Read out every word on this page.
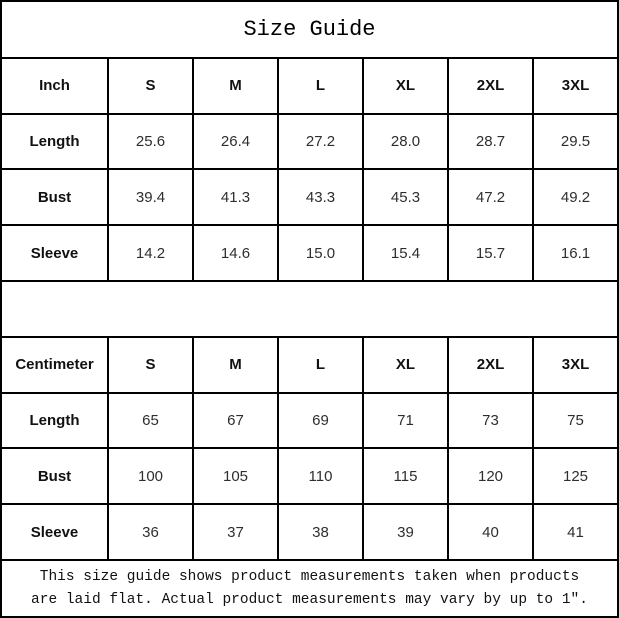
Size Guide						
Inch	S	M	L	XL	2XL	3XL
Length	25.6	26.4	27.2	28.0	28.7	29.5
Bust	39.4	41.3	43.3	45.3	47.2	49.2
Sleeve	14.2	14.6	15.0	15.4	15.7	16.1

Centimeter	S	M	L	XL	2XL	3XL
Length	65	67	69	71	73	75
Bust	100	105	110	115	120	125
Sleeve	36	37	38	39	40	41

This size guide shows product measurements taken when products
are laid flat. Actual product measurements may vary by up to 1″.						
